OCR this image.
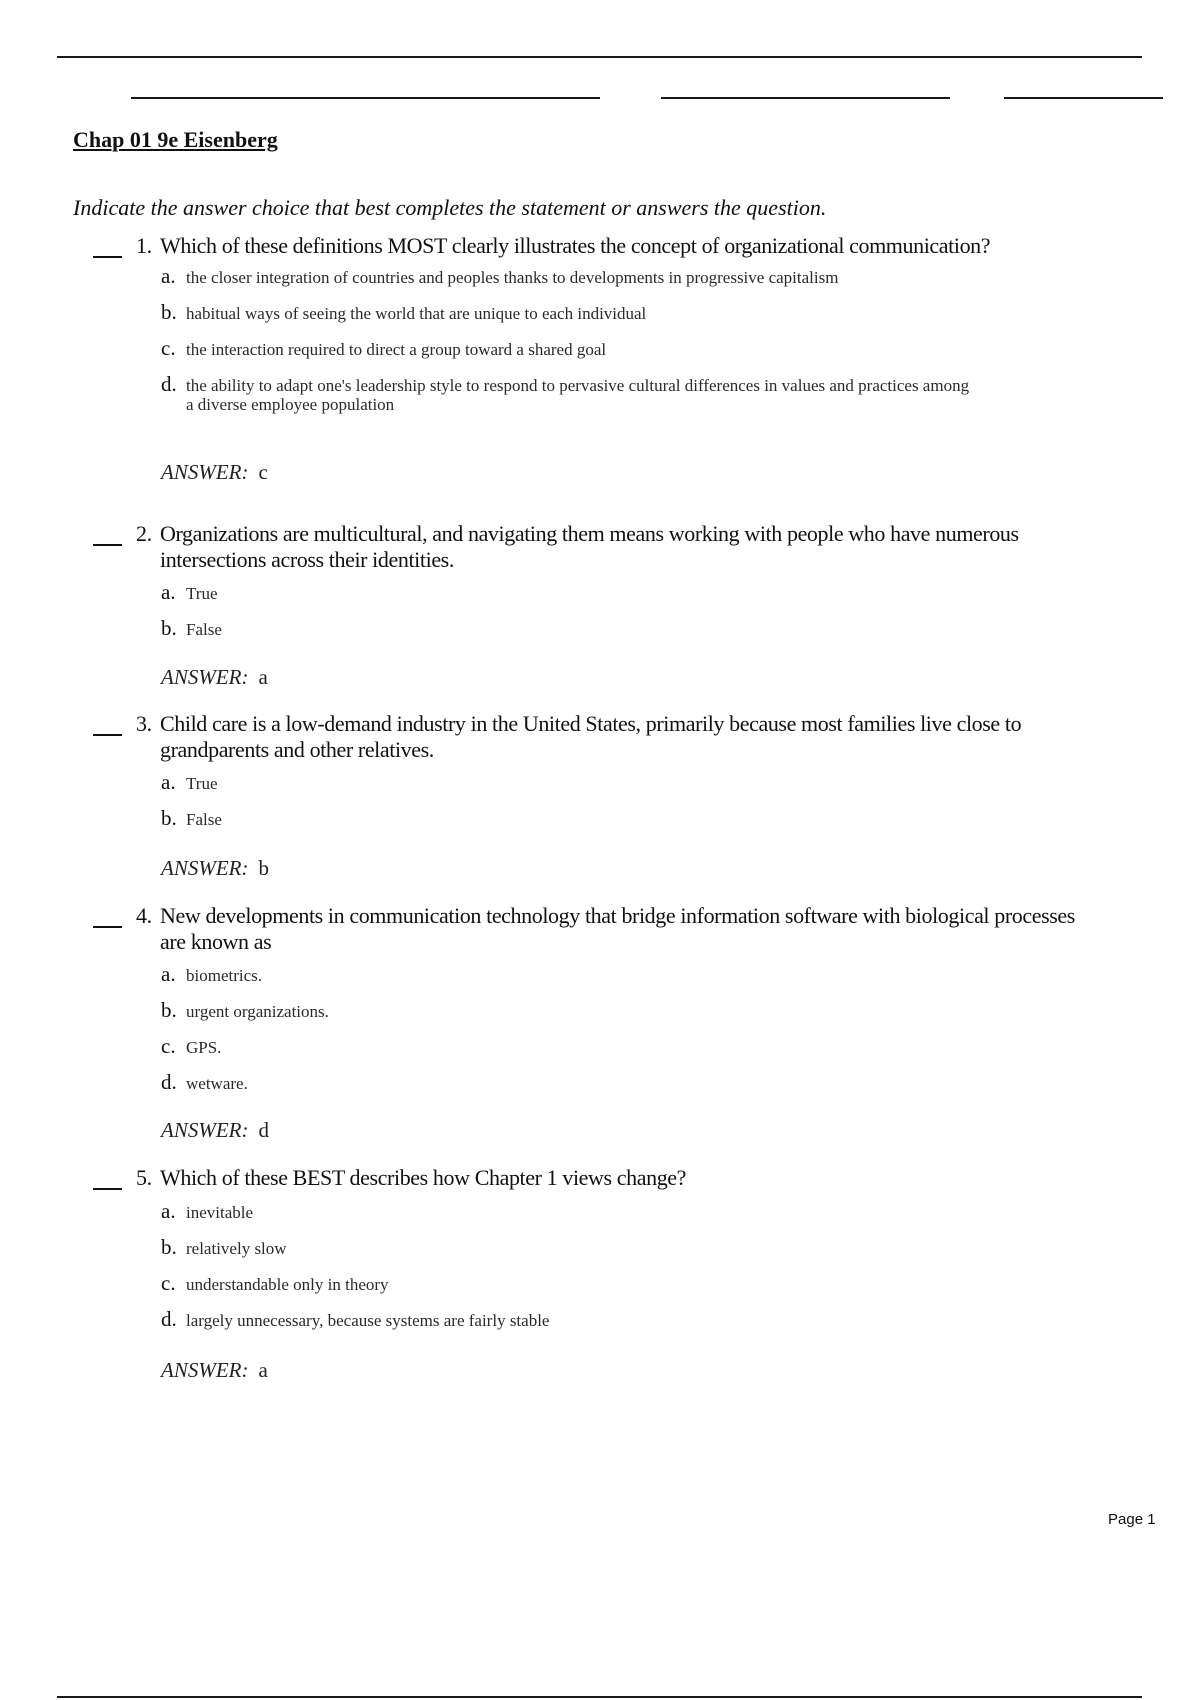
Chap 01 9e Eisenberg
Indicate the answer choice that best completes the statement or answers the question.
1. Which of these definitions MOST clearly illustrates the concept of organizational communication?
a. the closer integration of countries and peoples thanks to developments in progressive capitalism
b. habitual ways of seeing the world that are unique to each individual
c. the interaction required to direct a group toward a shared goal
d. the ability to adapt one's leadership style to respond to pervasive cultural differences in values and practices among
a diverse employee population
ANSWER: c
2. Organizations are multicultural, and navigating them means working with people who have numerous
intersections across their identities.
a. True
b. False
ANSWER: a
3. Child care is a low-demand industry in the United States, primarily because most families live close to
grandparents and other relatives.
a. True
b. False
ANSWER: b
4. New developments in communication technology that bridge information software with biological processes
are known as
a. biometrics.
b. urgent organizations.
c. GPS.
d. wetware.
ANSWER: d
5. Which of these BEST describes how Chapter 1 views change?
a. inevitable
b. relatively slow
c. understandable only in theory
d. largely unnecessary, because systems are fairly stable
ANSWER: a
Page 1
